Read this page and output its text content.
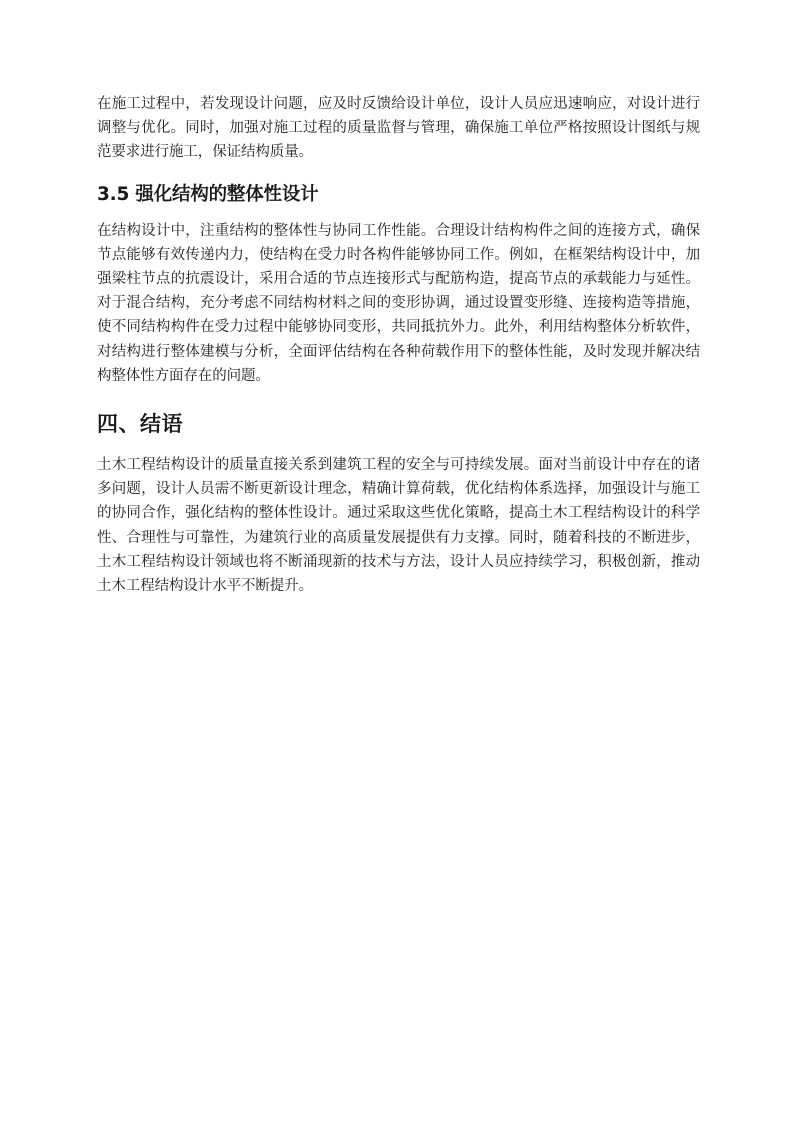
在施工过程中，若发现设计问题，应及时反馈给设计单位，设计人员应迅速响应，对设计进行调整与优化。同时，加强对施工过程的质量监督与管理，确保施工单位严格按照设计图纸与规范要求进行施工，保证结构质量。

3.5 强化结构的整体性设计

在结构设计中，注重结构的整体性与协同工作性能。合理设计结构构件之间的连接方式，确保节点能够有效传递内力，使结构在受力时各构件能够协同工作。例如，在框架结构设计中，加强梁柱节点的抗震设计，采用合适的节点连接形式与配筋构造，提高节点的承载能力与延性。对于混合结构，充分考虑不同结构材料之间的变形协调，通过设置变形缝、连接构造等措施，使不同结构构件在受力过程中能够协同变形，共同抵抗外力。此外，利用结构整体分析软件，对结构进行整体建模与分析，全面评估结构在各种荷载作用下的整体性能，及时发现并解决结构整体性方面存在的问题。

四、结语

土木工程结构设计的质量直接关系到建筑工程的安全与可持续发展。面对当前设计中存在的诸多问题，设计人员需不断更新设计理念，精确计算荷载，优化结构体系选择，加强设计与施工的协同合作，强化结构的整体性设计。通过采取这些优化策略，提高土木工程结构设计的科学性、合理性与可靠性，为建筑行业的高质量发展提供有力支撑。同时，随着科技的不断进步，土木工程结构设计领域也将不断涌现新的技术与方法，设计人员应持续学习，积极创新，推动土木工程结构设计水平不断提升。
